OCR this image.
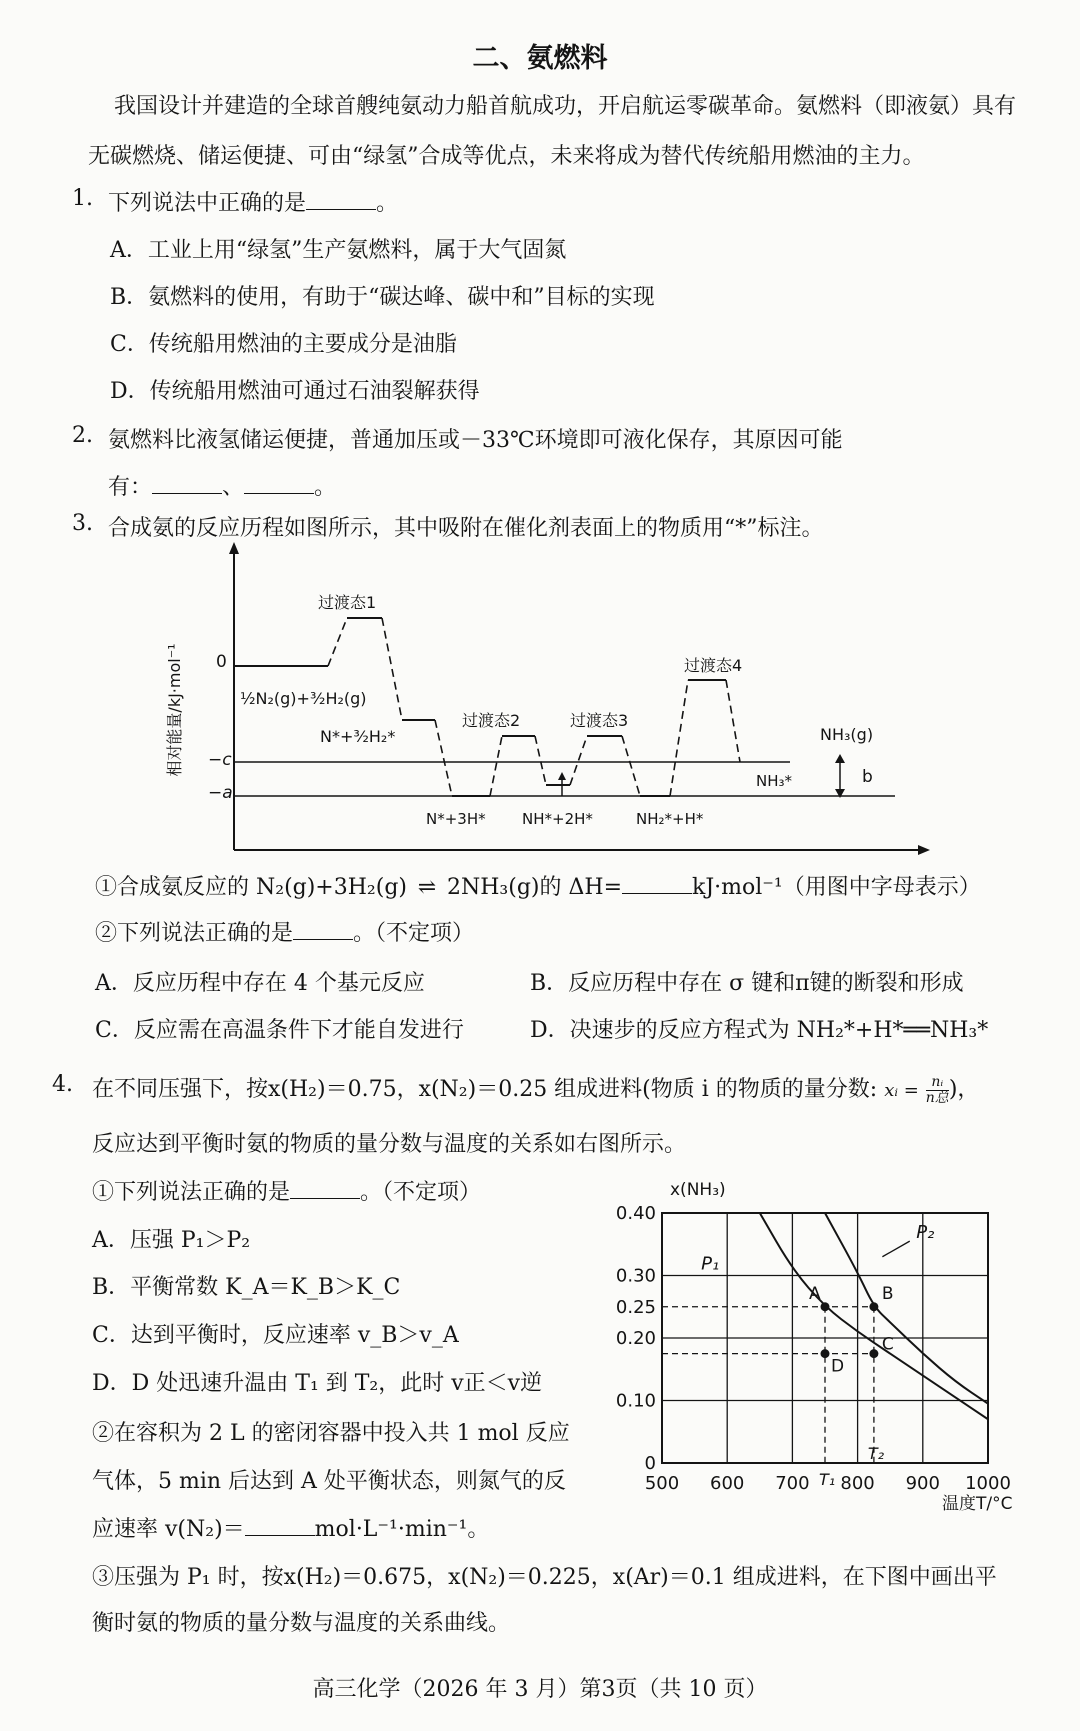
二、氨燃料
我国设计并建造的全球首艘纯氨动力船首航成功，开启航运零碳革命。氨燃料（即液氨）具有无碳燃烧、储运便捷、可由“绿氢”合成等优点，未来将成为替代传统船用燃油的主力。
1. 下列说法中正确的是	。
A．工业上用“绿氢”生产氨燃料，属于大气固氮
B．氨燃料的使用，有助于“碳达峰、碳中和”目标的实现
C．传统船用燃油的主要成分是油脂
D．传统船用燃油可通过石油裂解获得
2. 氨燃料比液氢储运便捷，普通加压或－33℃环境即可液化保存，其原因可能
有：	、	。
3. 合成氨的反应历程如图所示，其中吸附在催化剂表面上的物质用“*”标注。
相对能量/kJ·mol⁻¹ 0
−c
−a
过渡态1
过渡态2	过渡态3
过渡态4
½N₂(g)+³⁄₂H₂(g)
N*+³⁄₂H₂*
N*+3H* NH*+2H*	NH₂*+H*
NH₃*
NH₃(g)
b
①合成氨反应的 N₂(g)+3H₂(g) ⇌ 2NH₃(g)的 ΔH=	kJ·mol⁻¹（用图中字母表示）
②下列说法正确的是	。（不定项）
A．反应历程中存在 4 个基元反应	B．反应历程中存在 σ 键和π键的断裂和形成
C．反应需在高温条件下才能自发进行	D．决速步的反应方程式为 NH₂*+H*══NH₃*
4. 在不同压强下，按x(H₂)＝0.75，x(N₂)＝0.25 组成进料(物质 i 的物质的量分数: xᵢ = nᵢ
n总 )，
反应达到平衡时氨的物质的量分数与温度的关系如右图所示。
①下列说法正确的是	。（不定项）
A．压强 P₁＞P₂
B．平衡常数 K_A＝K_B＞K_C
C．达到平衡时，反应速率 v_B＞v_A
D．D 处迅速升温由 T₁ 到 T₂，此时 v正＜v逆
②在容积为 2 L 的密闭容器中投入共 1 mol 反应
气体，5 min 后达到 A 处平衡状态，则氮气的反
应速率 v(N₂)＝	mol·L⁻¹·min⁻¹。
③压强为 P₁ 时，按x(H₂)＝0.675，x(N₂)＝0.225，x(Ar)＝0.1 组成进料，在下图中画出平
衡时氨的物质的量分数与温度的关系曲线。
x(NH₃)
温度T/°C
500 600 700 800 900 1000
0
0.10
0.20
0.25
0.30
0.40
P₁
P₂
A	B
C
D
T₁
T₂
高三化学（2026 年 3 月）第3页（共 10 页）
